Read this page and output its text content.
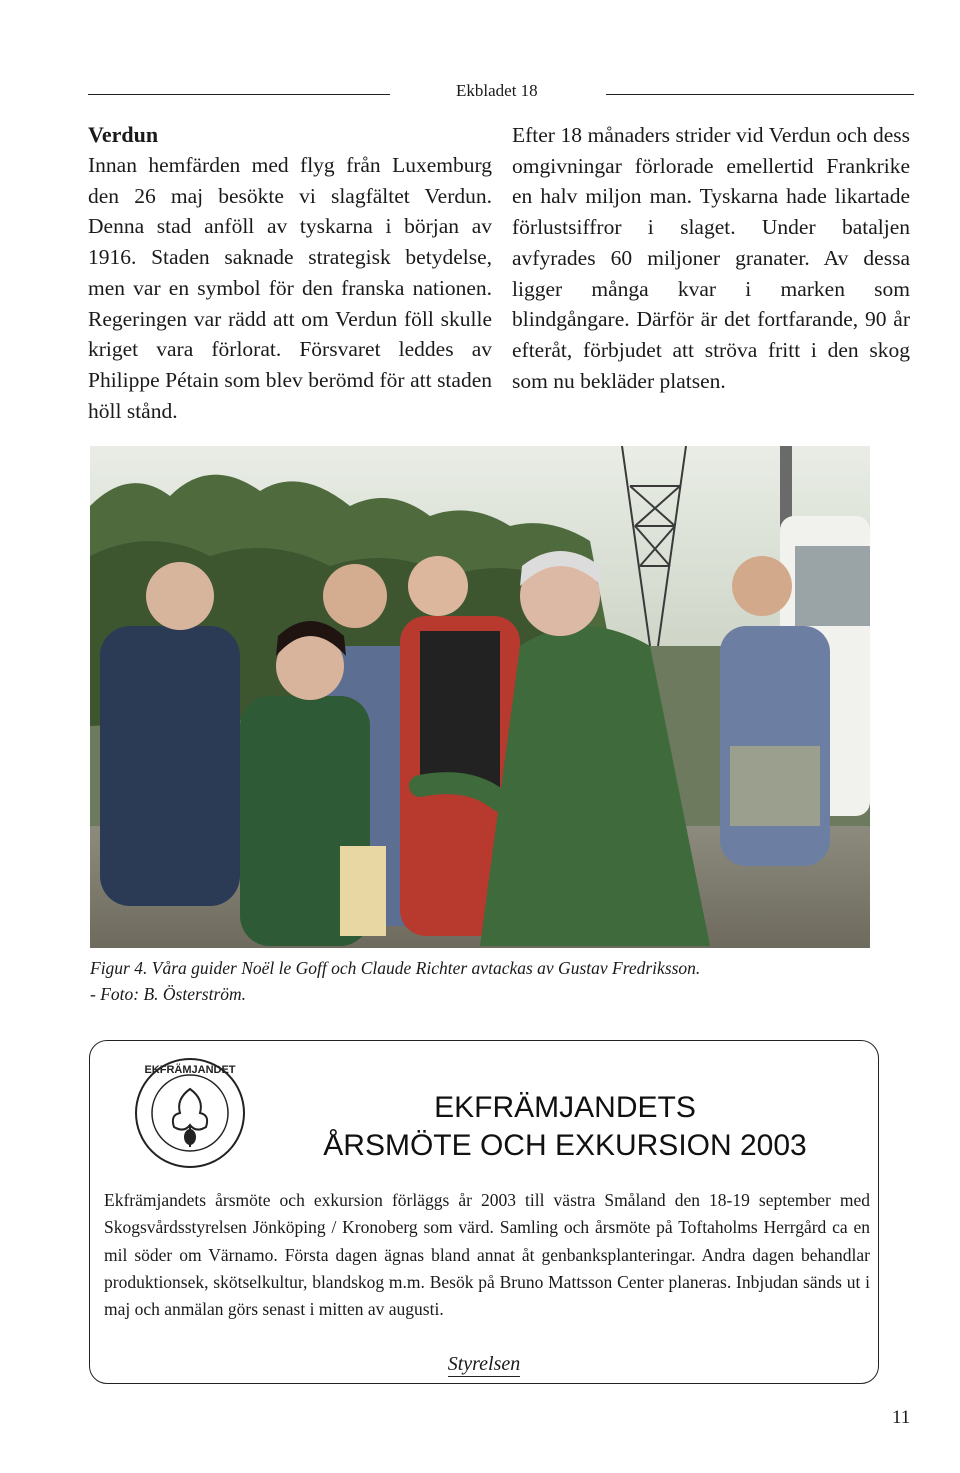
Ekbladet 18
Verdun

Innan hemfärden med flyg från Luxemburg den 26 maj besökte vi slagfältet Verdun. Denna stad anföll av tyskarna i början av 1916. Staden saknade strategisk betydelse, men var en symbol för den franska nationen. Regeringen var rädd att om Verdun föll skulle kriget vara förlorat. Försvaret leddes av Philippe Pétain som blev berömd för att staden höll stånd.

Efter 18 månaders strider vid Verdun och dess omgivningar förlorade emellertid Frankrike en halv miljon man. Tyskarna hade likartade förlustsiffror i slaget. Under bataljen avfyrades 60 miljoner granater. Av dessa ligger många kvar i marken som blindgångare. Därför är det fortfarande, 90 år efteråt, förbjudet att ströva fritt i den skog som nu bekläder platsen.

Figur 4. Våra guider Noël le Goff och Claude Richter avtackas av Gustav Fredriksson.
- Foto: B. Österström.
EKFRÄMJANDET
EKFRÄMJANDETS
ÅRSMÖTE OCH EXKURSION 2003
Ekfrämjandets årsmöte och exkursion förläggs år 2003 till västra Småland den 18-19 september med Skogsvårdsstyrelsen Jönköping / Kronoberg som värd. Samling och årsmöte på Toftaholms Herrgård ca en mil söder om Värnamo. Första dagen ägnas bland annat åt genbanksplanteringar. Andra dagen behandlar produktionsek, skötselkultur, blandskog m.m. Besök på Bruno Mattsson Center planeras. Inbjudan sänds ut i maj och anmälan görs senast i mitten av augusti.
Styrelsen
11
